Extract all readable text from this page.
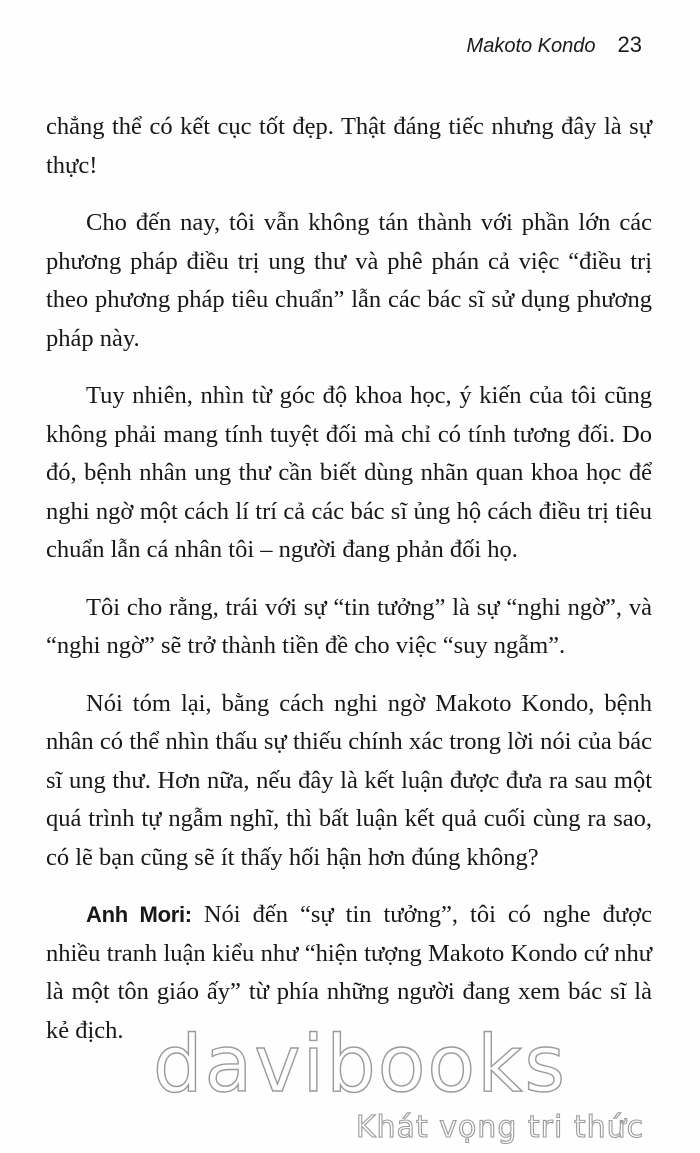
Makoto Kondo 23

chẳng thể có kết cục tốt đẹp. Thật đáng tiếc nhưng đây là sự thực!

Cho đến nay, tôi vẫn không tán thành với phần lớn các phương pháp điều trị ung thư và phê phán cả việc “điều trị theo phương pháp tiêu chuẩn” lẫn các bác sĩ sử dụng phương pháp này.

Tuy nhiên, nhìn từ góc độ khoa học, ý kiến của tôi cũng không phải mang tính tuyệt đối mà chỉ có tính tương đối. Do đó, bệnh nhân ung thư cần biết dùng nhãn quan khoa học để nghi ngờ một cách lí trí cả các bác sĩ ủng hộ cách điều trị tiêu chuẩn lẫn cá nhân tôi – người đang phản đối họ.

Tôi cho rằng, trái với sự “tin tưởng” là sự “nghi ngờ”, và “nghi ngờ” sẽ trở thành tiền đề cho việc “suy ngẫm”.

Nói tóm lại, bằng cách nghi ngờ Makoto Kondo, bệnh nhân có thể nhìn thấu sự thiếu chính xác trong lời nói của bác sĩ ung thư. Hơn nữa, nếu đây là kết luận được đưa ra sau một quá trình tự ngẫm nghĩ, thì bất luận kết quả cuối cùng ra sao, có lẽ bạn cũng sẽ ít thấy hối hận hơn đúng không?

Anh Mori: Nói đến “sự tin tưởng”, tôi có nghe được nhiều tranh luận kiểu như “hiện tượng Makoto Kondo cứ như là một tôn giáo ấy” từ phía những người đang xem bác sĩ là kẻ địch. davibooks
Khát vọng tri thức
